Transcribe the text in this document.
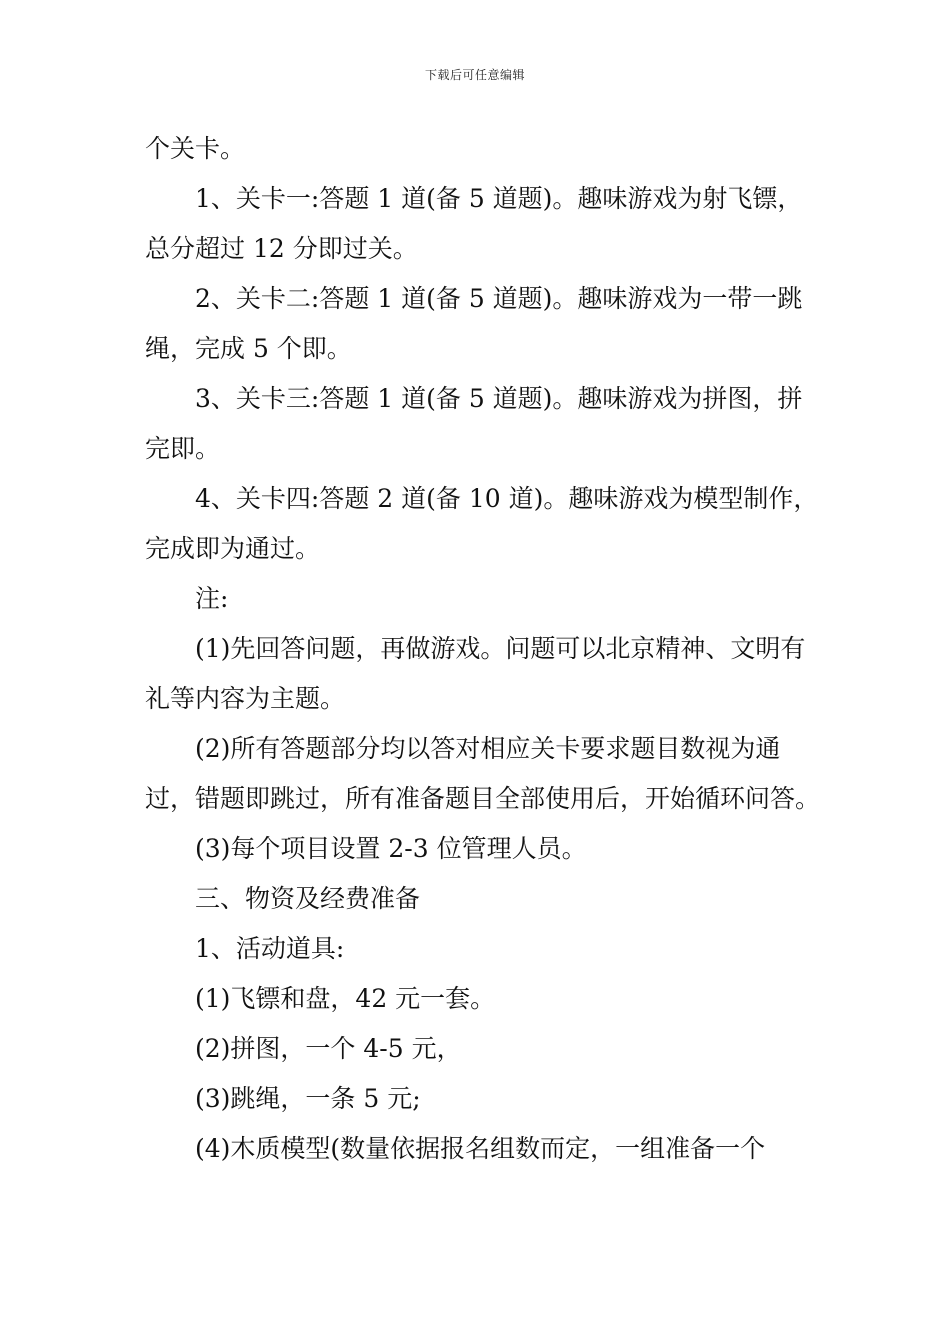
下载后可任意编辑

个关卡。

1、关卡一:答题 1 道(备 5 道题)。趣味游戏为射飞镖，总分超过 12 分即过关。

2、关卡二:答题 1 道(备 5 道题)。趣味游戏为一带一跳绳，完成 5 个即。

3、关卡三:答题 1 道(备 5 道题)。趣味游戏为拼图，拼完即。

4、关卡四:答题 2 道(备 10 道)。趣味游戏为模型制作，完成即为通过。

注:

(1)先回答问题，再做游戏。问题可以北京精神、文明有礼等内容为主题。

(2)所有答题部分均以答对相应关卡要求题目数视为通过，错题即跳过，所有准备题目全部使用后，开始循环问答。

(3)每个项目设置 2-3 位管理人员。

三、物资及经费准备

1、活动道具:

(1)飞镖和盘，42 元一套。

(2)拼图，一个 4-5 元，

(3)跳绳，一条 5 元;

(4)木质模型(数量依据报名组数而定，一组准备一个
